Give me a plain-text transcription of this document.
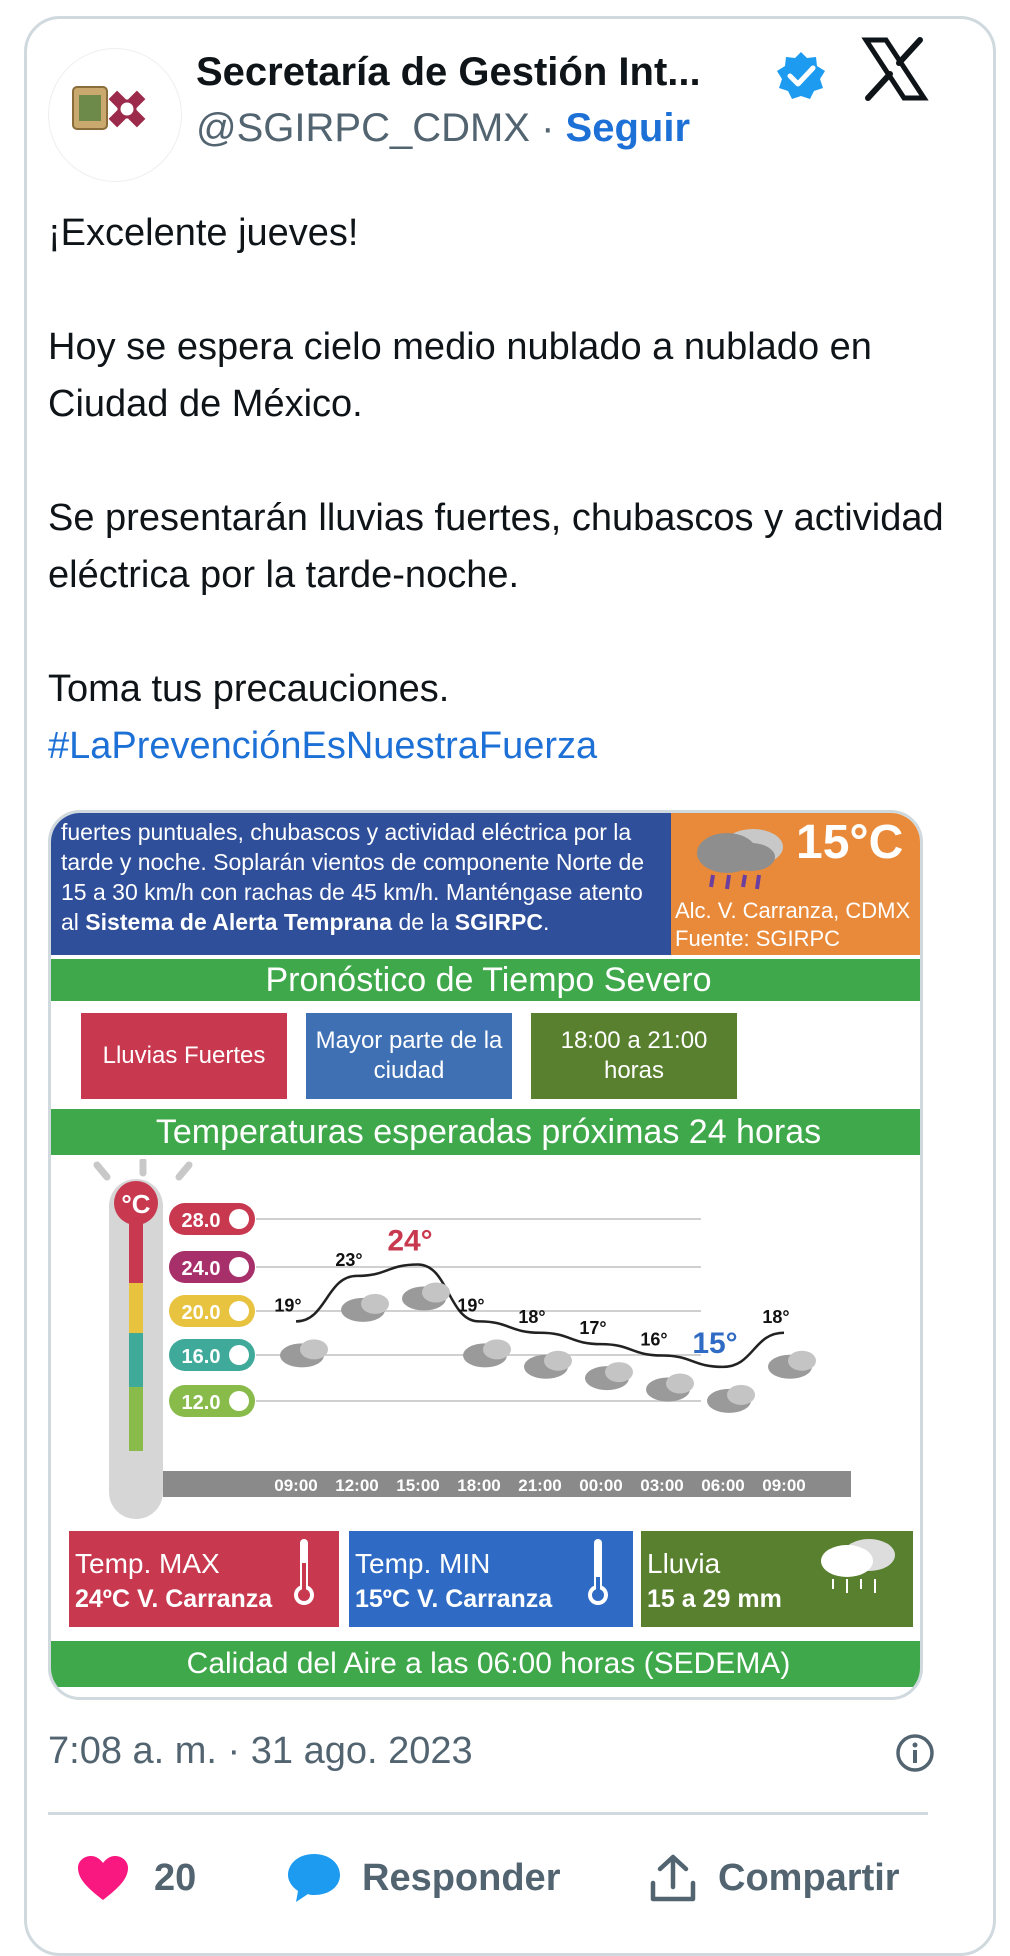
Secretaría de Gestión Int...
@SGIRPC_CDMX · Seguir

¡Excelente jueves!

Hoy se espera cielo medio nublado a nublado en Ciudad de México.

Se presentarán lluvias fuertes, chubascos y actividad eléctrica por la tarde-noche.

Toma tus precauciones.

#LaPrevenciónEsNuestraFuerza

fuertes puntuales, chubascos y actividad eléctrica por la tarde y noche. Soplarán vientos de componente Norte de 15 a 30 km/h con rachas de 45 km/h. Manténgase atento al Sistema de Alerta Temprana de la SGIRPC.
15°C
Alc. V. Carranza, CDMX
Fuente: SGIRPC
Pronóstico de Tiempo Severo
Lluvias Fuertes
Mayor parte de la ciudad
18:00 a 21:00 horas
Temperaturas esperadas próximas 24 horas
°C
28.0
24.0
20.0
16.0
12.0
09:00 12:00 15:00 18:00 21:00 00:00 03:00 06:00 09:00
19°
23°
24°
19°
18°
17°
16° 15°
18°
Temp. MAX
24ºC V. Carranza
Temp. MIN
15ºC V. Carranza
Lluvia
15 a 29 mm
Calidad del Aire a las 06:00 horas (SEDEMA)
7:08 a. m. · 31 ago. 2023
20	Responder	Compartir
